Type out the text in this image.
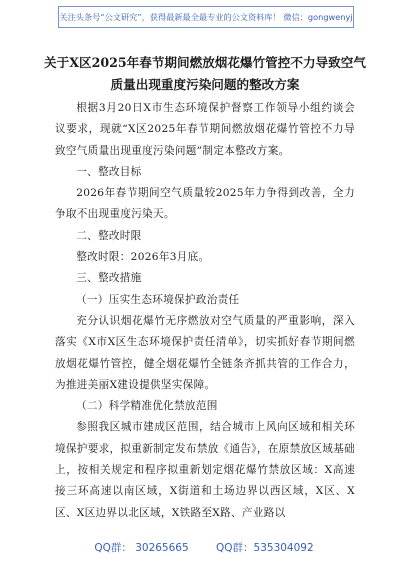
关注头条号“公文研究”，获得最新最全最专业的公文资料库！ 微信：gongwenyj
关于X区2025年春节期间燃放烟花爆竹管控不力导致空气
质量出现重度污染问题的整改方案

根据3月20日X市生态环境保护督察工作领导小组约谈会议要求，现就“X区2025年春节期间燃放烟花爆竹管控不力导致空气质量出现重度污染问题”制定本整改方案。

一、整改目标

2026年春节期间空气质量较2025年力争得到改善，全力争取不出现重度污染天。

二、整改时限

整改时限：2026年3月底。

三、整改措施

（一）压实生态环境保护政治责任

充分认识烟花爆竹无序燃放对空气质量的严重影响，深入落实《X市X区生态环境保护责任清单》，切实抓好春节期间燃放烟花爆竹管控，健全烟花爆竹全链条齐抓共管的工作合力，为推进美丽X建设提供坚实保障。

（二）科学精准优化禁放范围

参照我区城市建成区范围，结合城市上风向区域和相关环境保护要求，拟重新制定发布禁放《通告》，在原禁放区域基础上，按相关规定和程序拟重新划定烟花爆竹禁放区域：X高速接三环高速以南区域，X街道和土场边界以西区域，X区、X区、X区边界以北区域，X铁路至X路、产业路以

QQ群： 30265665	QQ群：535304092
